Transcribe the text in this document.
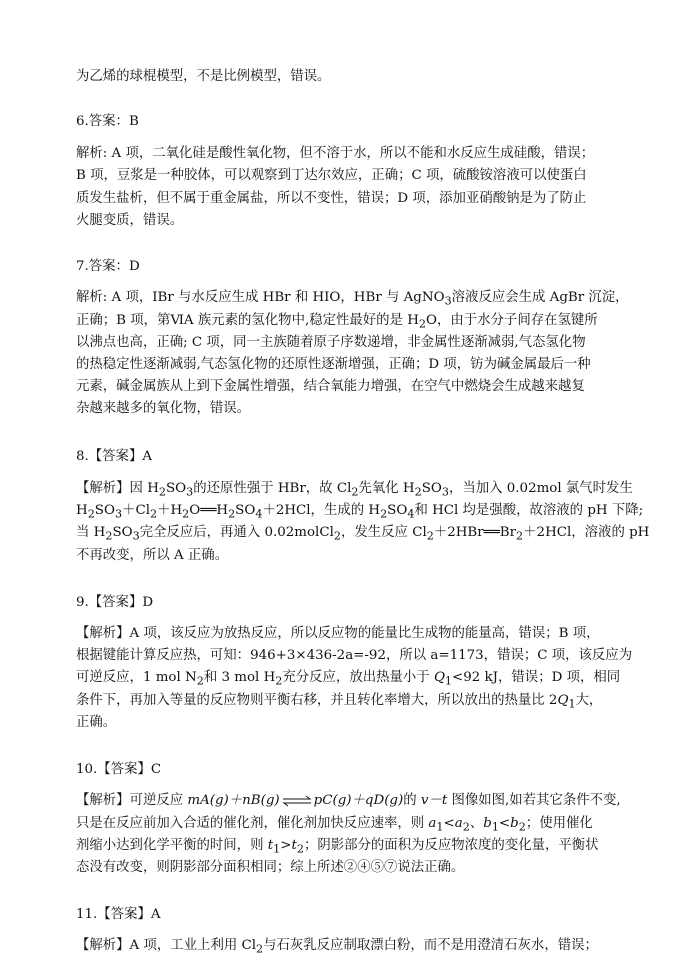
为乙烯的球棍模型，不是比例模型，错误。
6.答案：B
解析: A 项，二氧化硅是酸性氧化物，但不溶于水，所以不能和水反应生成硅酸，错误；
B 项，豆浆是一种胶体，可以观察到丁达尔效应，正确；C 项，硫酸铵溶液可以使蛋白
质发生盐析，但不属于重金属盐，所以不变性，错误；D 项，添加亚硝酸钠是为了防止
火腿变质，错误。
7.答案：D
解析: A 项，IBr 与水反应生成 HBr 和 HIO，HBr 与 AgNO$_3$溶液反应会生成 AgBr 沉淀，
正确；B 项，第ⅥA 族元素的氢化物中,稳定性最好的是 $H_2O$，由于水分子间存在氢键所
以沸点也高，正确; C 项，同一主族随着原子序数递增，非金属性逐渐减弱,气态氢化物
的热稳定性逐渐减弱,气态氢化物的还原性逐渐增强，正确；D 项，钫为碱金属最后一种
元素，碱金属族从上到下金属性增强，结合氧能力增强，在空气中燃烧会生成越来越复
杂越来越多的氧化物，错误。
8.【答案】A
【解析】因 $H_2SO_3$的还原性强于 HBr，故 $Cl_2$先氧化 $H_2SO_3$，当加入 0.02mol 氯气时发生
$H_2SO_3+Cl_2+H_2O══H_2SO_4+2HCl$，生成的 $H_2SO_4$和 HCl 均是强酸，故溶液的 pH 下降;
当 $H_2SO_3$完全反应后，再通入 0.02molCl$_2$，发生反应 $Cl_2+2HBr══Br_2+2HCl$，溶液的 pH
不再改变，所以 A 正确。
9.【答案】D
【解析】A 项，该反应为放热反应，所以反应物的能量比生成物的能量高，错误；B 项，
根据键能计算反应热，可知：946+3×436-2a=-92，所以 a=1173，错误；C 项，该反应为
可逆反应，1 mol $N_2$和 3 mol $H_2$充分反应，放出热量小于 $Q_1<92$ kJ，错误；D 项，相同
条件下，再加入等量的反应物则平衡右移，并且转化率增大，所以放出的热量比 $2Q_1$大，
正确。
10.【答案】C
【解析】可逆反应 mA(g)＋nB(g) ⇌ pC(g)＋qD(g)的 v－t 图像如图,如若其它条件不变,
只是在反应前加入合适的催化剂，催化剂加快反应速率，则 $a_1<a_2$、$b_1<b_2$；使用催化
剂缩小达到化学平衡的时间，则 $t_1>t_2$；阴影部分的面积为反应物浓度的变化量，平衡状
态没有改变，则阴影部分面积相同；综上所述②④⑤⑦说法正确。
11.【答案】A
【解析】A 项，工业上利用 $Cl_2$与石灰乳反应制取漂白粉，而不是用澄清石灰水，错误；
